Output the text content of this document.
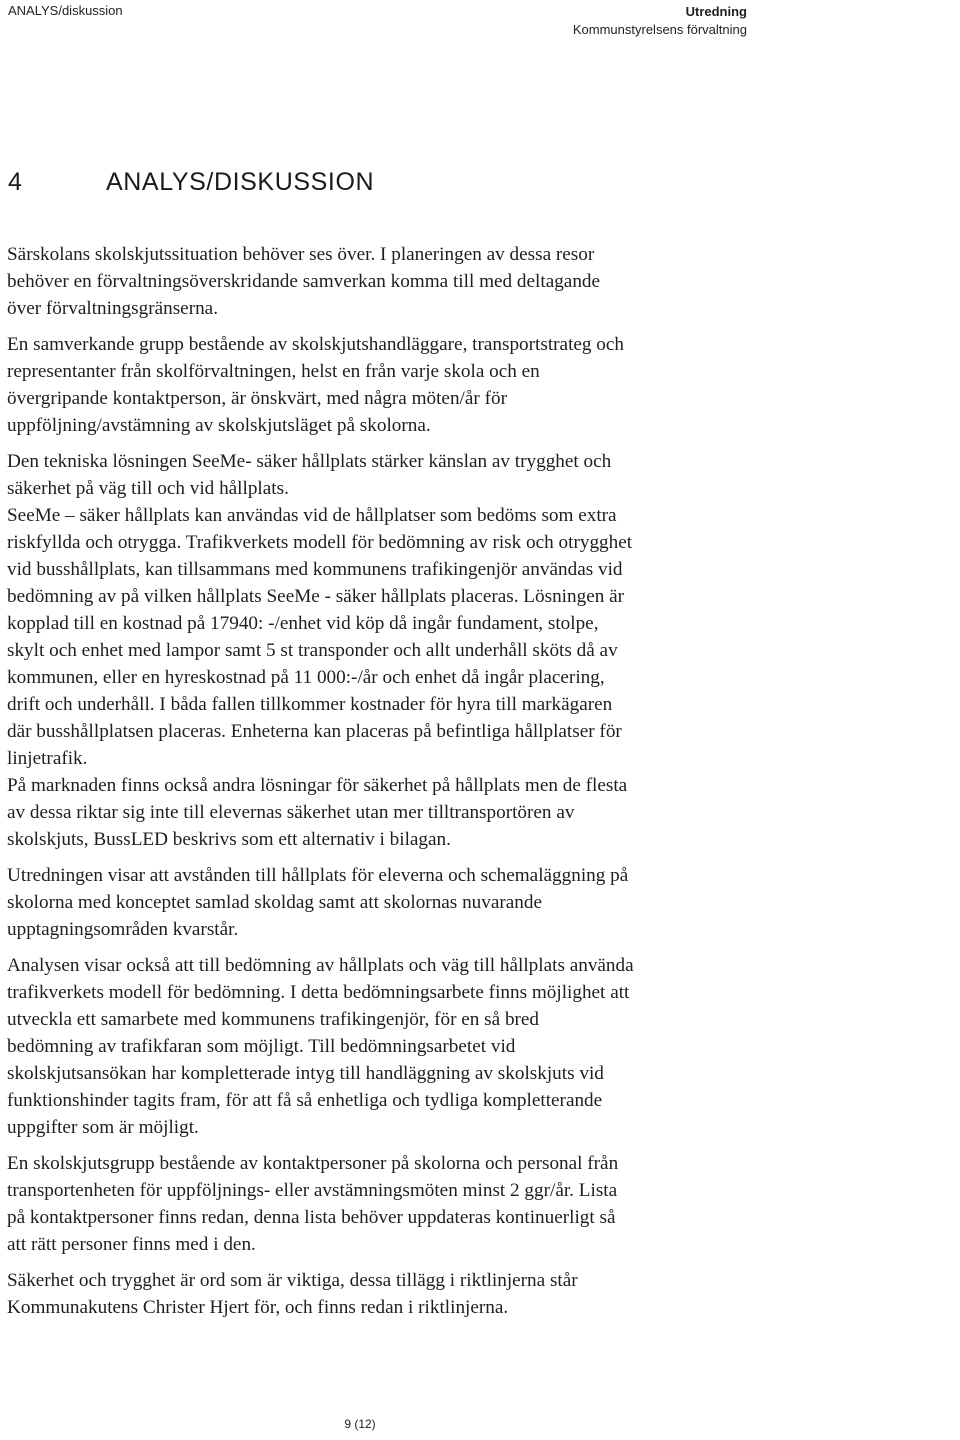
ANALYS/diskussion	Utredning
Kommunstyrelsens förvaltning
4	ANALYS/DISKUSSION

Särskolans skolskjutssituation behöver ses över. I planeringen av dessa resor
behöver en förvaltningsöverskridande samverkan komma till med deltagande
över förvaltningsgränserna.

En samverkande grupp bestående av skolskjutshandläggare, transportstrateg och
representanter från skolförvaltningen, helst en från varje skola och en
övergripande kontaktperson, är önskvärt, med några möten/år för
uppföljning/avstämning av skolskjutsläget på skolorna.

Den tekniska lösningen SeeMe- säker hållplats stärker känslan av trygghet och
säkerhet på väg till och vid hållplats.
SeeMe – säker hållplats kan användas vid de hållplatser som bedöms som extra
riskfyllda och otrygga. Trafikverkets modell för bedömning av risk och otrygghet
vid busshållplats, kan tillsammans med kommunens trafikingenjör användas vid
bedömning av på vilken hållplats SeeMe - säker hållplats placeras. Lösningen är
kopplad till en kostnad på 17940: -/enhet vid köp då ingår fundament, stolpe,
skylt och enhet med lampor samt 5 st transponder och allt underhåll sköts då av
kommunen, eller en hyreskostnad på 11 000:-/år och enhet då ingår placering,
drift och underhåll. I båda fallen tillkommer kostnader för hyra till markägaren
där busshållplatsen placeras. Enheterna kan placeras på befintliga hållplatser för
linjetrafik.
På marknaden finns också andra lösningar för säkerhet på hållplats men de flesta
av dessa riktar sig inte till elevernas säkerhet utan mer tilltransportören av
skolskjuts, BussLED beskrivs som ett alternativ i bilagan.

Utredningen visar att avstånden till hållplats för eleverna och schemaläggning på
skolorna med konceptet samlad skoldag samt att skolornas nuvarande
upptagningsområden kvarstår.

Analysen visar också att till bedömning av hållplats och väg till hållplats använda
trafikverkets modell för bedömning. I detta bedömningsarbete finns möjlighet att
utveckla ett samarbete med kommunens trafikingenjör, för en så bred
bedömning av trafikfaran som möjligt. Till bedömningsarbetet vid
skolskjutsansökan har kompletterade intyg till handläggning av skolskjuts vid
funktionshinder tagits fram, för att få så enhetliga och tydliga kompletterande
uppgifter som är möjligt.

En skolskjutsgrupp bestående av kontaktpersoner på skolorna och personal från
transportenheten för uppföljnings- eller avstämningsmöten minst 2 ggr/år. Lista
på kontaktpersoner finns redan, denna lista behöver uppdateras kontinuerligt så
att rätt personer finns med i den.

Säkerhet och trygghet är ord som är viktiga, dessa tillägg i riktlinjerna står
Kommunakutens Christer Hjert för, och finns redan i riktlinjerna.

9 (12)
